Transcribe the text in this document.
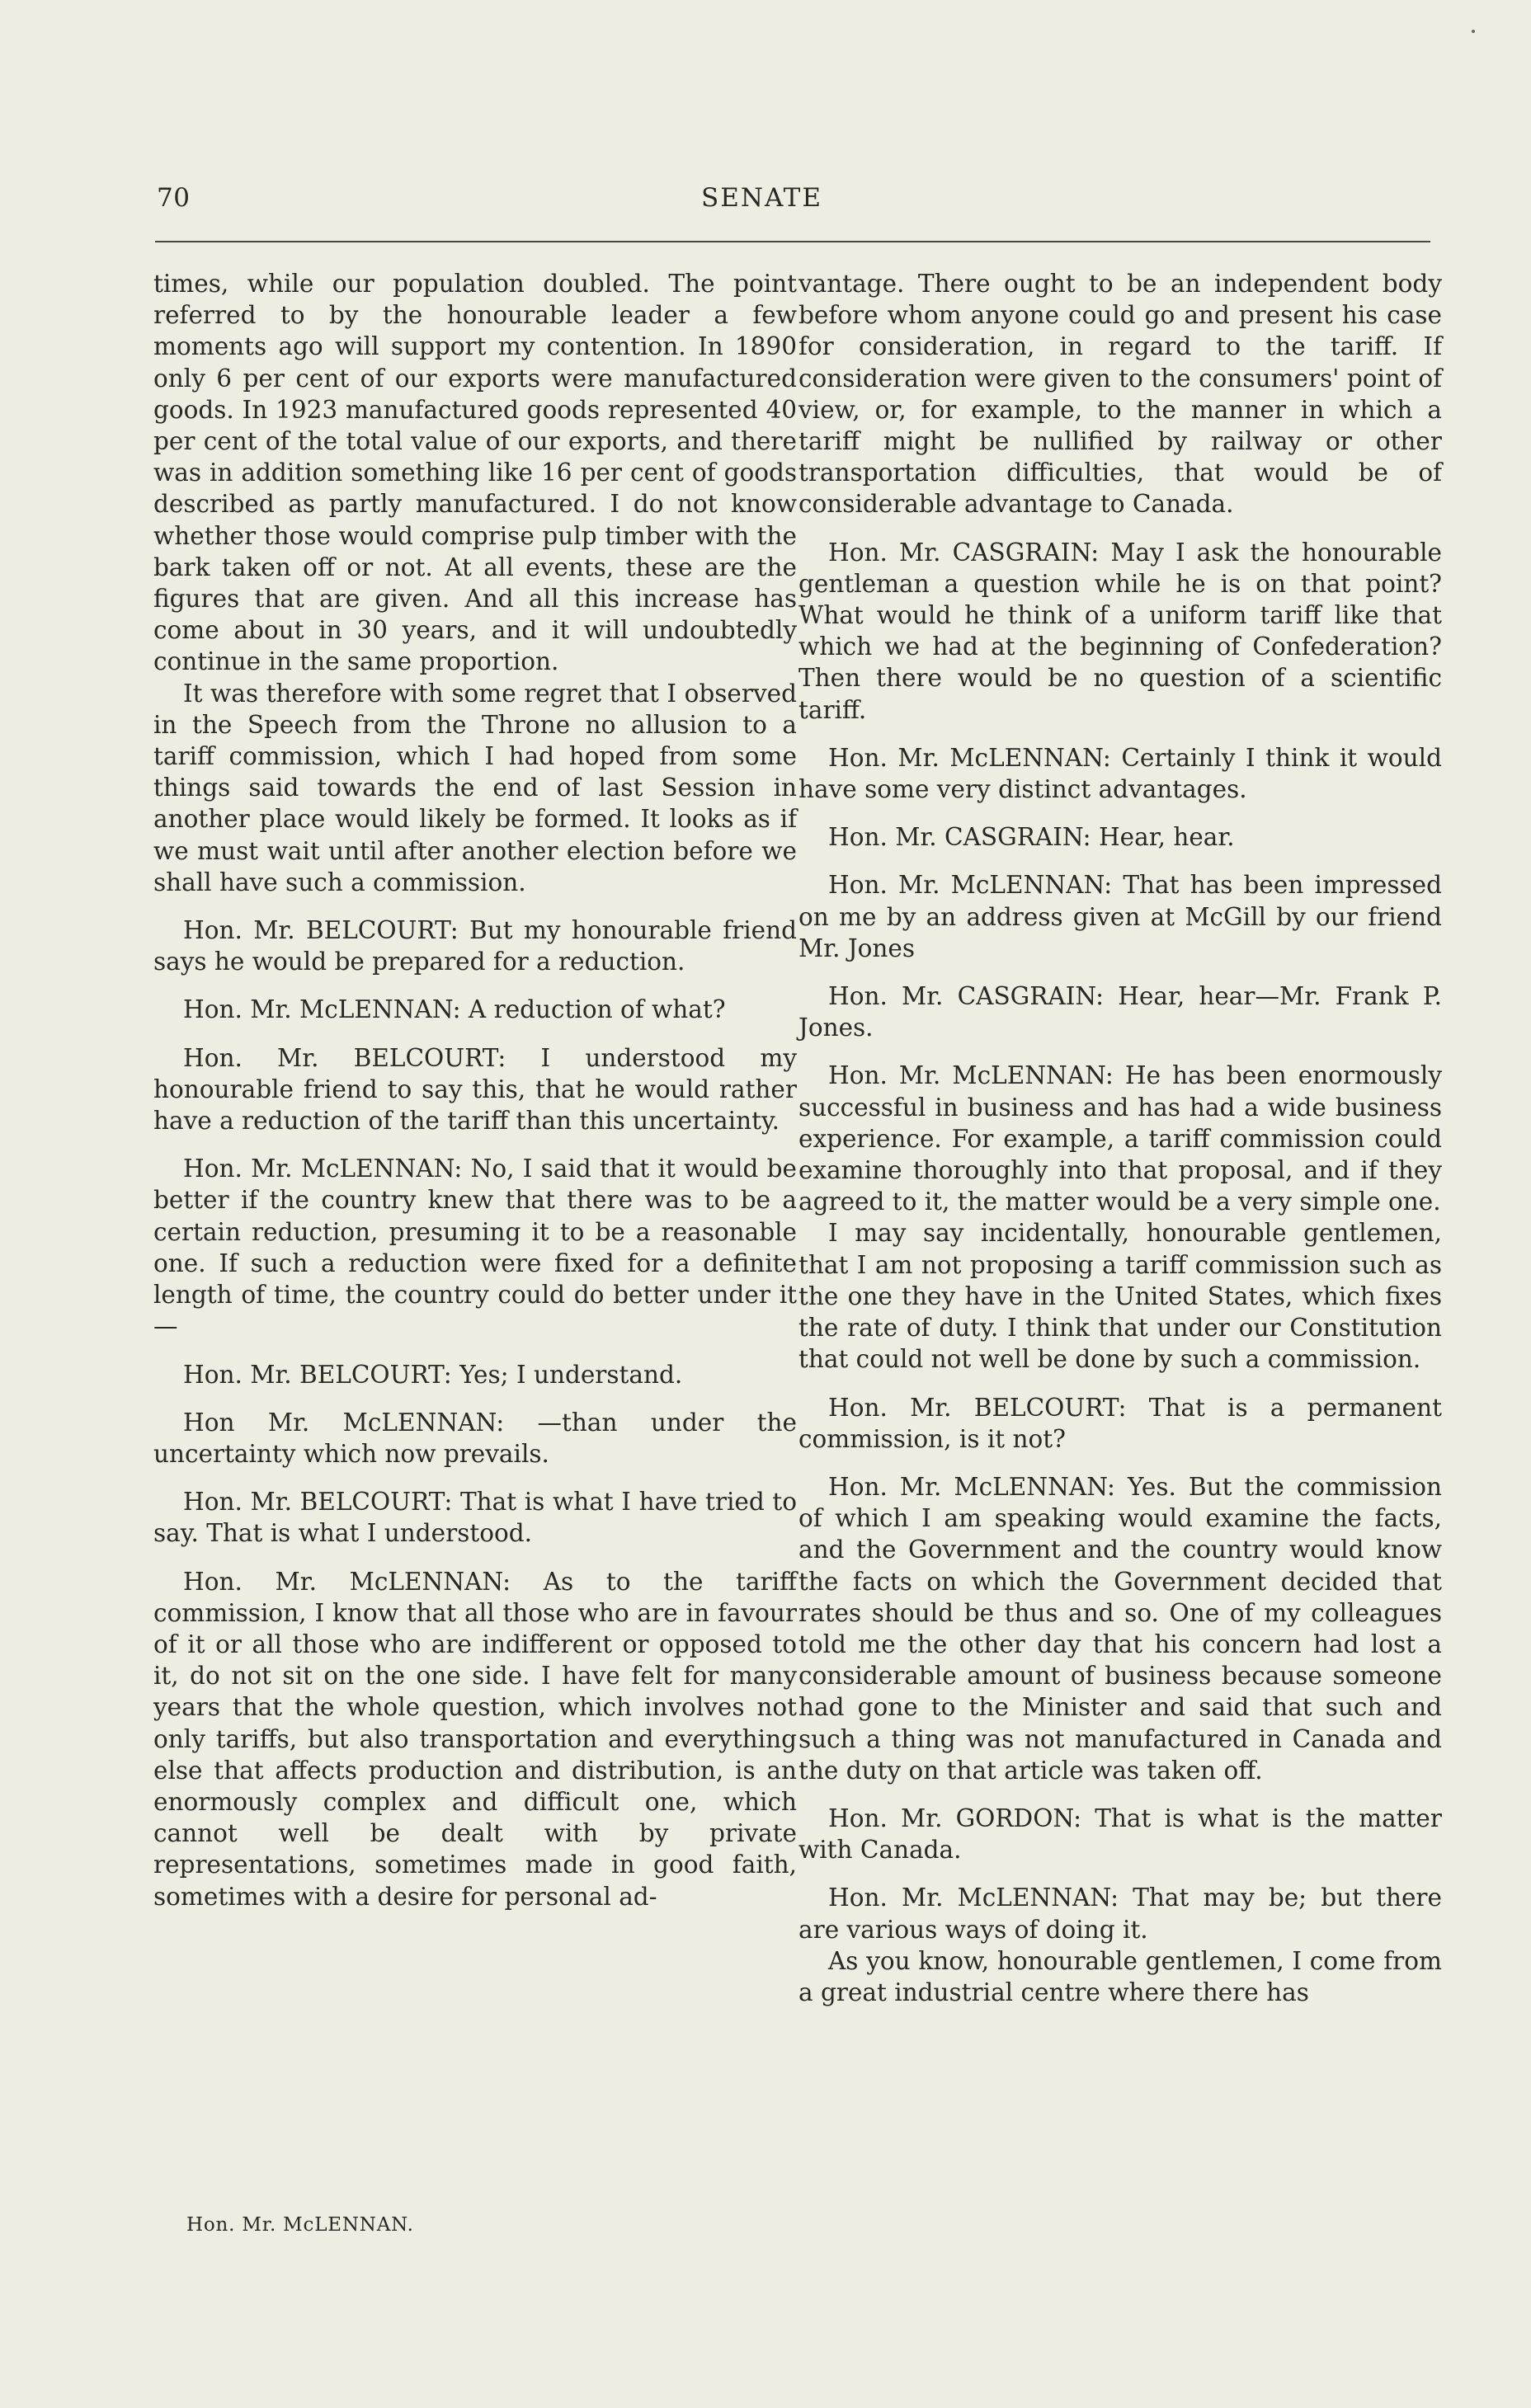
70	SENATE

times, while our population doubled. The point referred to by the honourable leader a few moments ago will support my contention. In 1890 only 6 per cent of our exports were manufactured goods. In 1923 manufactured goods represented 40 per cent of the total value of our exports, and there was in addition something like 16 per cent of goods described as partly manufactured. I do not know whether those would comprise pulp timber with the bark taken off or not. At all events, these are the figures that are given. And all this increase has come about in 30 years, and it will undoubtedly continue in the same proportion.

It was therefore with some regret that I observed in the Speech from the Throne no allusion to a tariff commission, which I had hoped from some things said towards the end of last Session in another place would likely be formed. It looks as if we must wait until after another election before we shall have such a commission.

Hon. Mr. BELCOURT: But my honourable friend says he would be prepared for a reduction.

Hon. Mr. McLENNAN: A reduction of what?

Hon. Mr. BELCOURT: I understood my honourable friend to say this, that he would rather have a reduction of the tariff than this uncertainty.

Hon. Mr. McLENNAN: No, I said that it would be better if the country knew that there was to be a certain reduction, presuming it to be a reasonable one. If such a reduction were fixed for a definite length of time, the country could do better under it—

Hon. Mr. BELCOURT: Yes; I understand.

Hon Mr. McLENNAN: —than under the uncertainty which now prevails.

Hon. Mr. BELCOURT: That is what I have tried to say. That is what I understood.

Hon. Mr. McLENNAN: As to the tariff commission, I know that all those who are in favour of it or all those who are indifferent or opposed to it, do not sit on the one side. I have felt for many years that the whole question, which involves not only tariffs, but also transportation and everything else that affects production and distribution, is an enormously complex and difficult one, which cannot well be dealt with by private representations, sometimes made in good faith, sometimes with a desire for personal ad-

vantage. There ought to be an independent body before whom anyone could go and present his case for consideration, in regard to the tariff. If consideration were given to the consumers' point of view, or, for example, to the manner in which a tariff might be nullified by railway or other transportation difficulties, that would be of considerable advantage to Canada.

Hon. Mr. CASGRAIN: May I ask the honourable gentleman a question while he is on that point? What would he think of a uniform tariff like that which we had at the beginning of Confederation? Then there would be no question of a scientific tariff.

Hon. Mr. McLENNAN: Certainly I think it would have some very distinct advantages.

Hon. Mr. CASGRAIN: Hear, hear.

Hon. Mr. McLENNAN: That has been impressed on me by an address given at McGill by our friend Mr. Jones

Hon. Mr. CASGRAIN: Hear, hear—Mr. Frank P. Jones.

Hon. Mr. McLENNAN: He has been enormously successful in business and has had a wide business experience. For example, a tariff commission could examine thoroughly into that proposal, and if they agreed to it, the matter would be a very simple one.

I may say incidentally, honourable gentlemen, that I am not proposing a tariff commission such as the one they have in the United States, which fixes the rate of duty. I think that under our Constitution that could not well be done by such a commission.

Hon. Mr. BELCOURT: That is a permanent commission, is it not?

Hon. Mr. McLENNAN: Yes. But the commission of which I am speaking would examine the facts, and the Government and the country would know the facts on which the Government decided that rates should be thus and so. One of my colleagues told me the other day that his concern had lost a considerable amount of business because someone had gone to the Minister and said that such and such a thing was not manufactured in Canada and the duty on that article was taken off.

Hon. Mr. GORDON: That is what is the matter with Canada.

Hon. Mr. McLENNAN: That may be; but there are various ways of doing it.

As you know, honourable gentlemen, I come from a great industrial centre where there has

Hon. Mr. McLENNAN.
